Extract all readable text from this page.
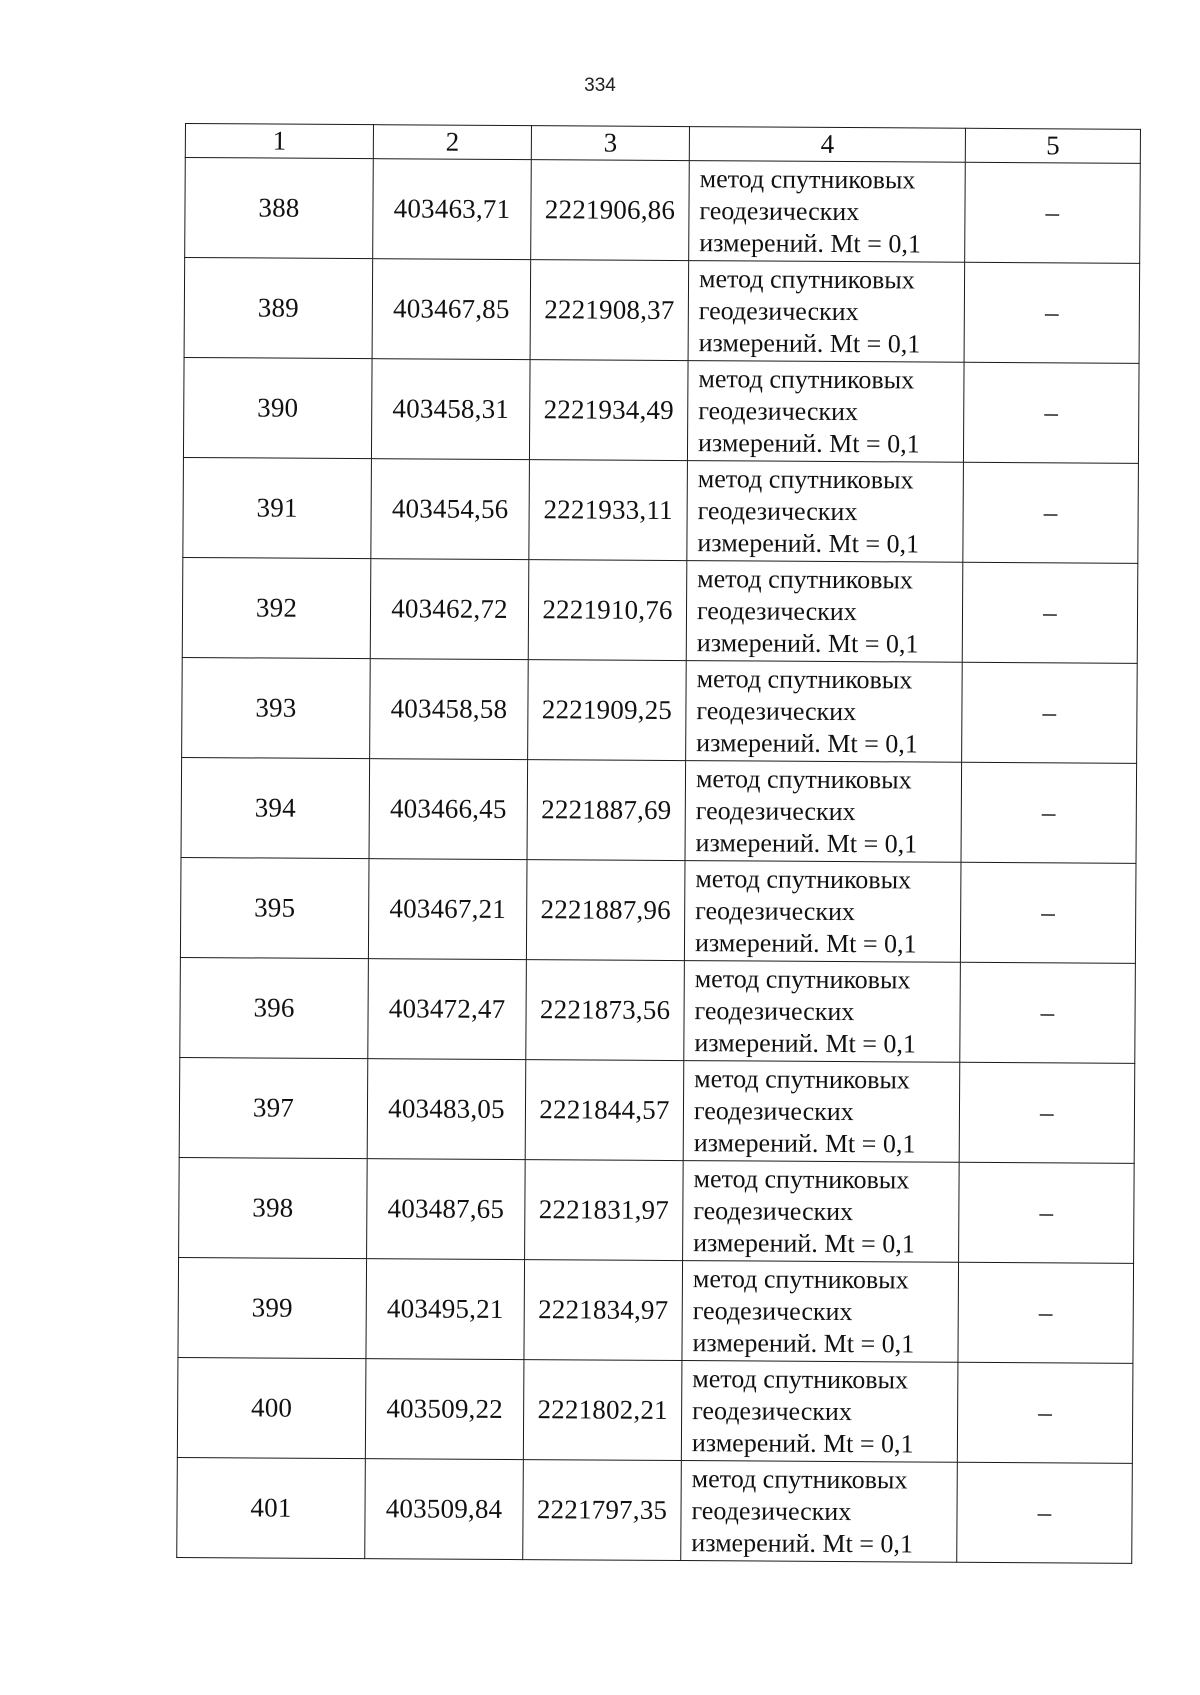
334
1	2	3	4	5
388	403463,71	2221906,86	метод спутниковых
геодезических
измерений. Mt = 0,1	–
389	403467,85	2221908,37	метод спутниковых
геодезических
измерений. Mt = 0,1	–
390	403458,31	2221934,49	метод спутниковых
геодезических
измерений. Mt = 0,1	–
391	403454,56	2221933,11	метод спутниковых
геодезических
измерений. Mt = 0,1	–
392	403462,72	2221910,76	метод спутниковых
геодезических
измерений. Mt = 0,1	–
393	403458,58	2221909,25	метод спутниковых
геодезических
измерений. Mt = 0,1	–
394	403466,45	2221887,69	метод спутниковых
геодезических
измерений. Mt = 0,1	–
395	403467,21	2221887,96	метод спутниковых
геодезических
измерений. Mt = 0,1	–
396	403472,47	2221873,56	метод спутниковых
геодезических
измерений. Mt = 0,1	–
397	403483,05	2221844,57	метод спутниковых
геодезических
измерений. Mt = 0,1	–
398	403487,65	2221831,97	метод спутниковых
геодезических
измерений. Mt = 0,1	–
399	403495,21	2221834,97	метод спутниковых
геодезических
измерений. Mt = 0,1	–
400	403509,22	2221802,21	метод спутниковых
геодезических
измерений. Mt = 0,1	–
401	403509,84	2221797,35	метод спутниковых
геодезических
измерений. Mt = 0,1	–
